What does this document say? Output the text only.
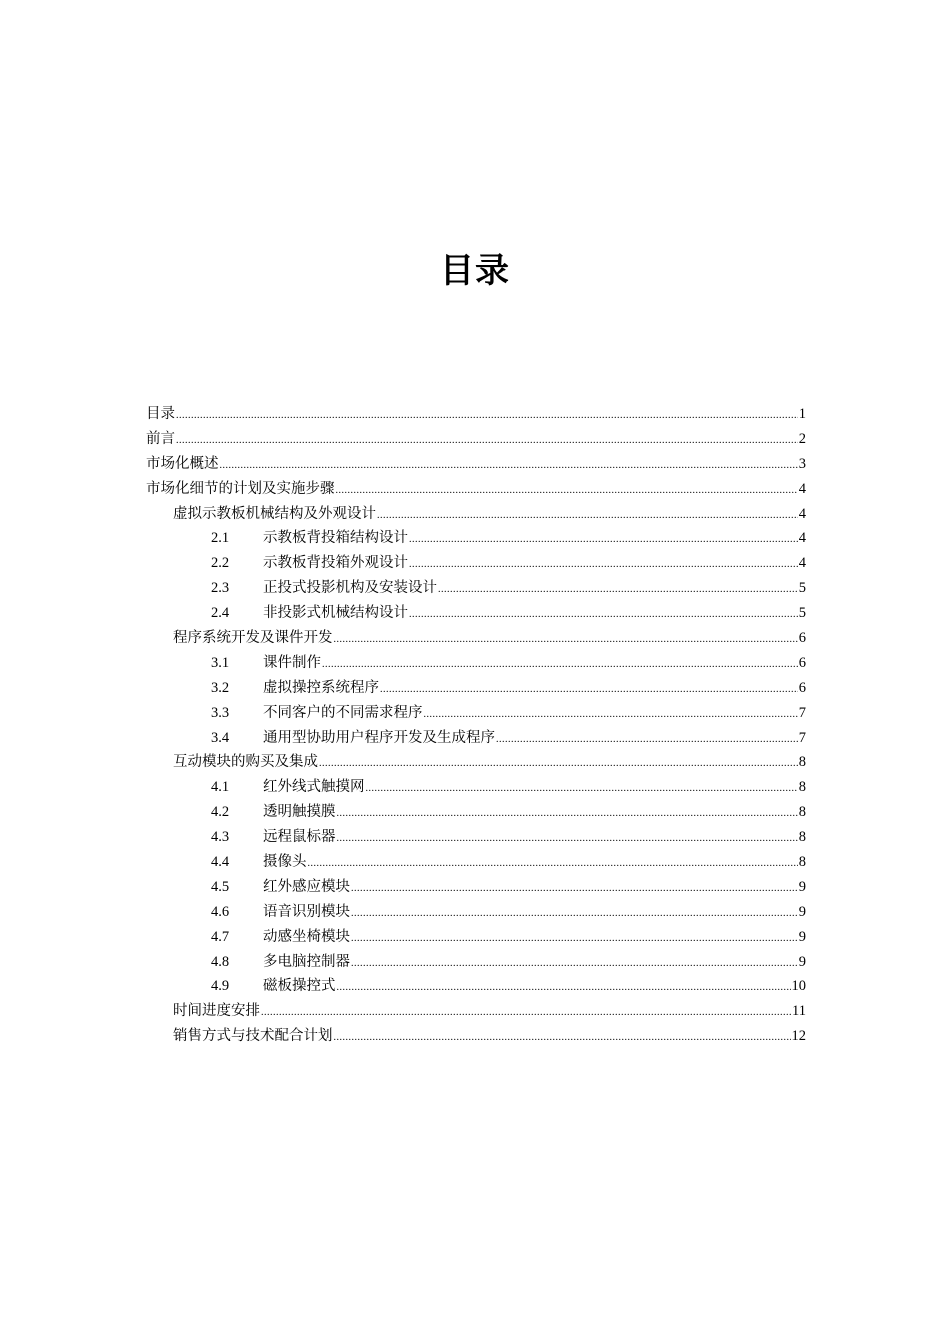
目录
目录 .....	1
前言 .....	2
市场化概述 .....	3
市场化细节的计划及实施步骤 .....	4
虚拟示教板机械结构及外观设计 .....	4
2.1	示教板背投箱结构设计 .....	4
2.2	示教板背投箱外观设计 .....	4
2.3	正投式投影机构及安装设计 .....	5
2.4	非投影式机械结构设计 .....	5
程序系统开发及课件开发 .....	6
3.1	课件制作 .....	6
3.2	虚拟操控系统程序 .....	6
3.3	不同客户的不同需求程序 .....	7
3.4	通用型协助用户程序开发及生成程序 .....	7
互动模块的购买及集成 .....	8
4.1	红外线式触摸网 .....	8
4.2	透明触摸膜 .....	8
4.3	远程鼠标器 .....	8
4.4	摄像头 .....	8
4.5	红外感应模块 .....	9
4.6	语音识别模块 .....	9
4.7	动感坐椅模块 .....	9
4.8	多电脑控制器 .....	9
4.9	磁板操控式 .....	10
时间进度安排 .....	11
销售方式与技术配合计划 .....	12
